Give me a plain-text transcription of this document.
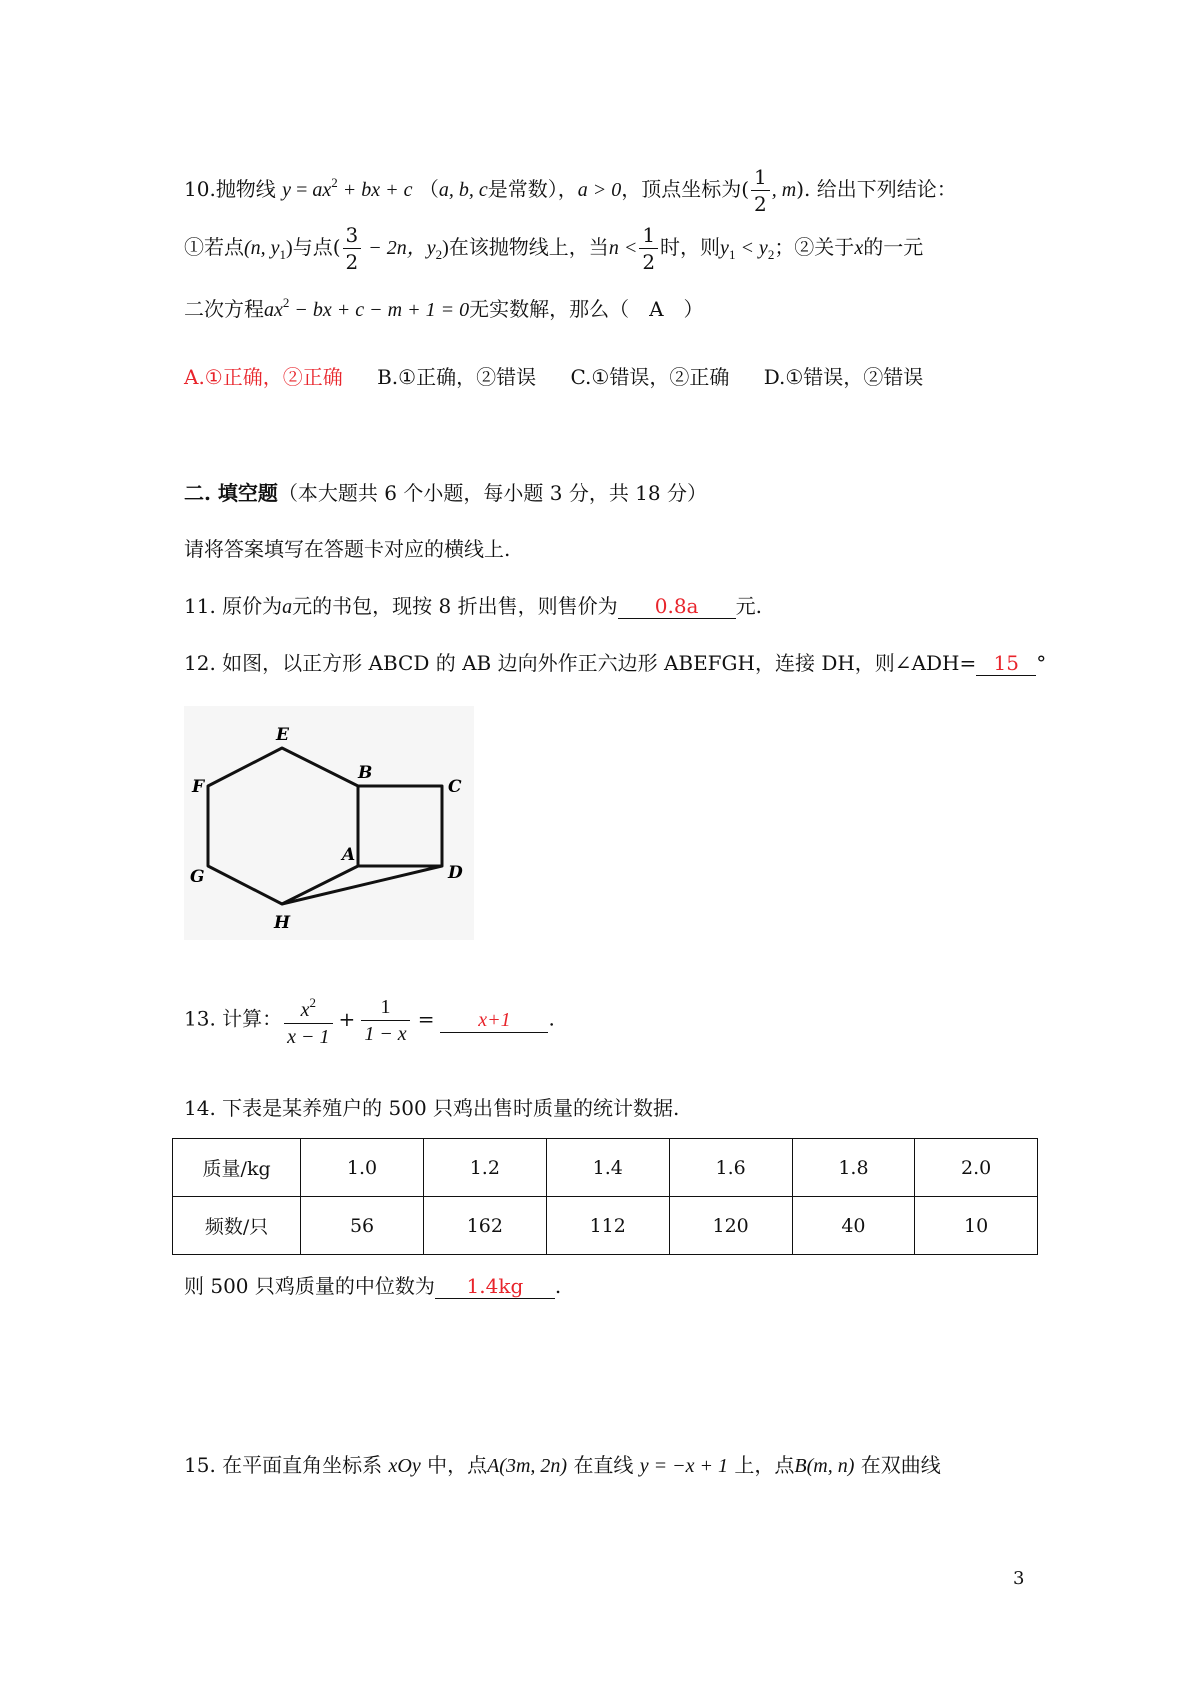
10.抛物线 $y = ax^2$ + bx + c （a, b, c是常数），a > 0，顶点坐标为( $\frac{1}{2}$ , m). 给出下列结论：
①若点(n, $y_1$)与点( $\frac{3}{2} - 2n$，$y_2$)在该抛物线上，当$n < \frac{1}{2}$ 时，则$y_1 < y_2$；②关于x的一元
二次方程$ax^2$ − bx + c − m + 1 = 0无实数解，那么（　A　）
A.①正确，②正确 B.①正确，②错误 C.①错误，②正确 D.①错误，②错误
二. 填空题（本大题共 6 个小题，每小题 3 分，共 18 分）
请将答案填写在答题卡对应的横线上.
11. 原价为a元的书包，现按 8 折出售，则售价为 0.8a 元.
12. 如图，以正方形 ABCD 的 AB 边向外作正六边形 ABEFGH，连接 DH，则∠ADH= 15 °
E
F
B
C
A
G	D
H
13. 计算： $\frac{x^2}{x - 1} + \frac{1}{1 - x} = x+1$ .
14. 下表是某养殖户的 500 只鸡出售时质量的统计数据.
质量/kg	1.0	1.2	1.4	1.6	1.8	2.0
频数/只	56	162	112	120	40	10
则 500 只鸡质量的中位数为 1.4kg .
15. 在平面直角坐标系 xOy 中，点A(3m, 2n) 在直线 y = −x + 1 上，点B(m, n) 在双曲线
3
